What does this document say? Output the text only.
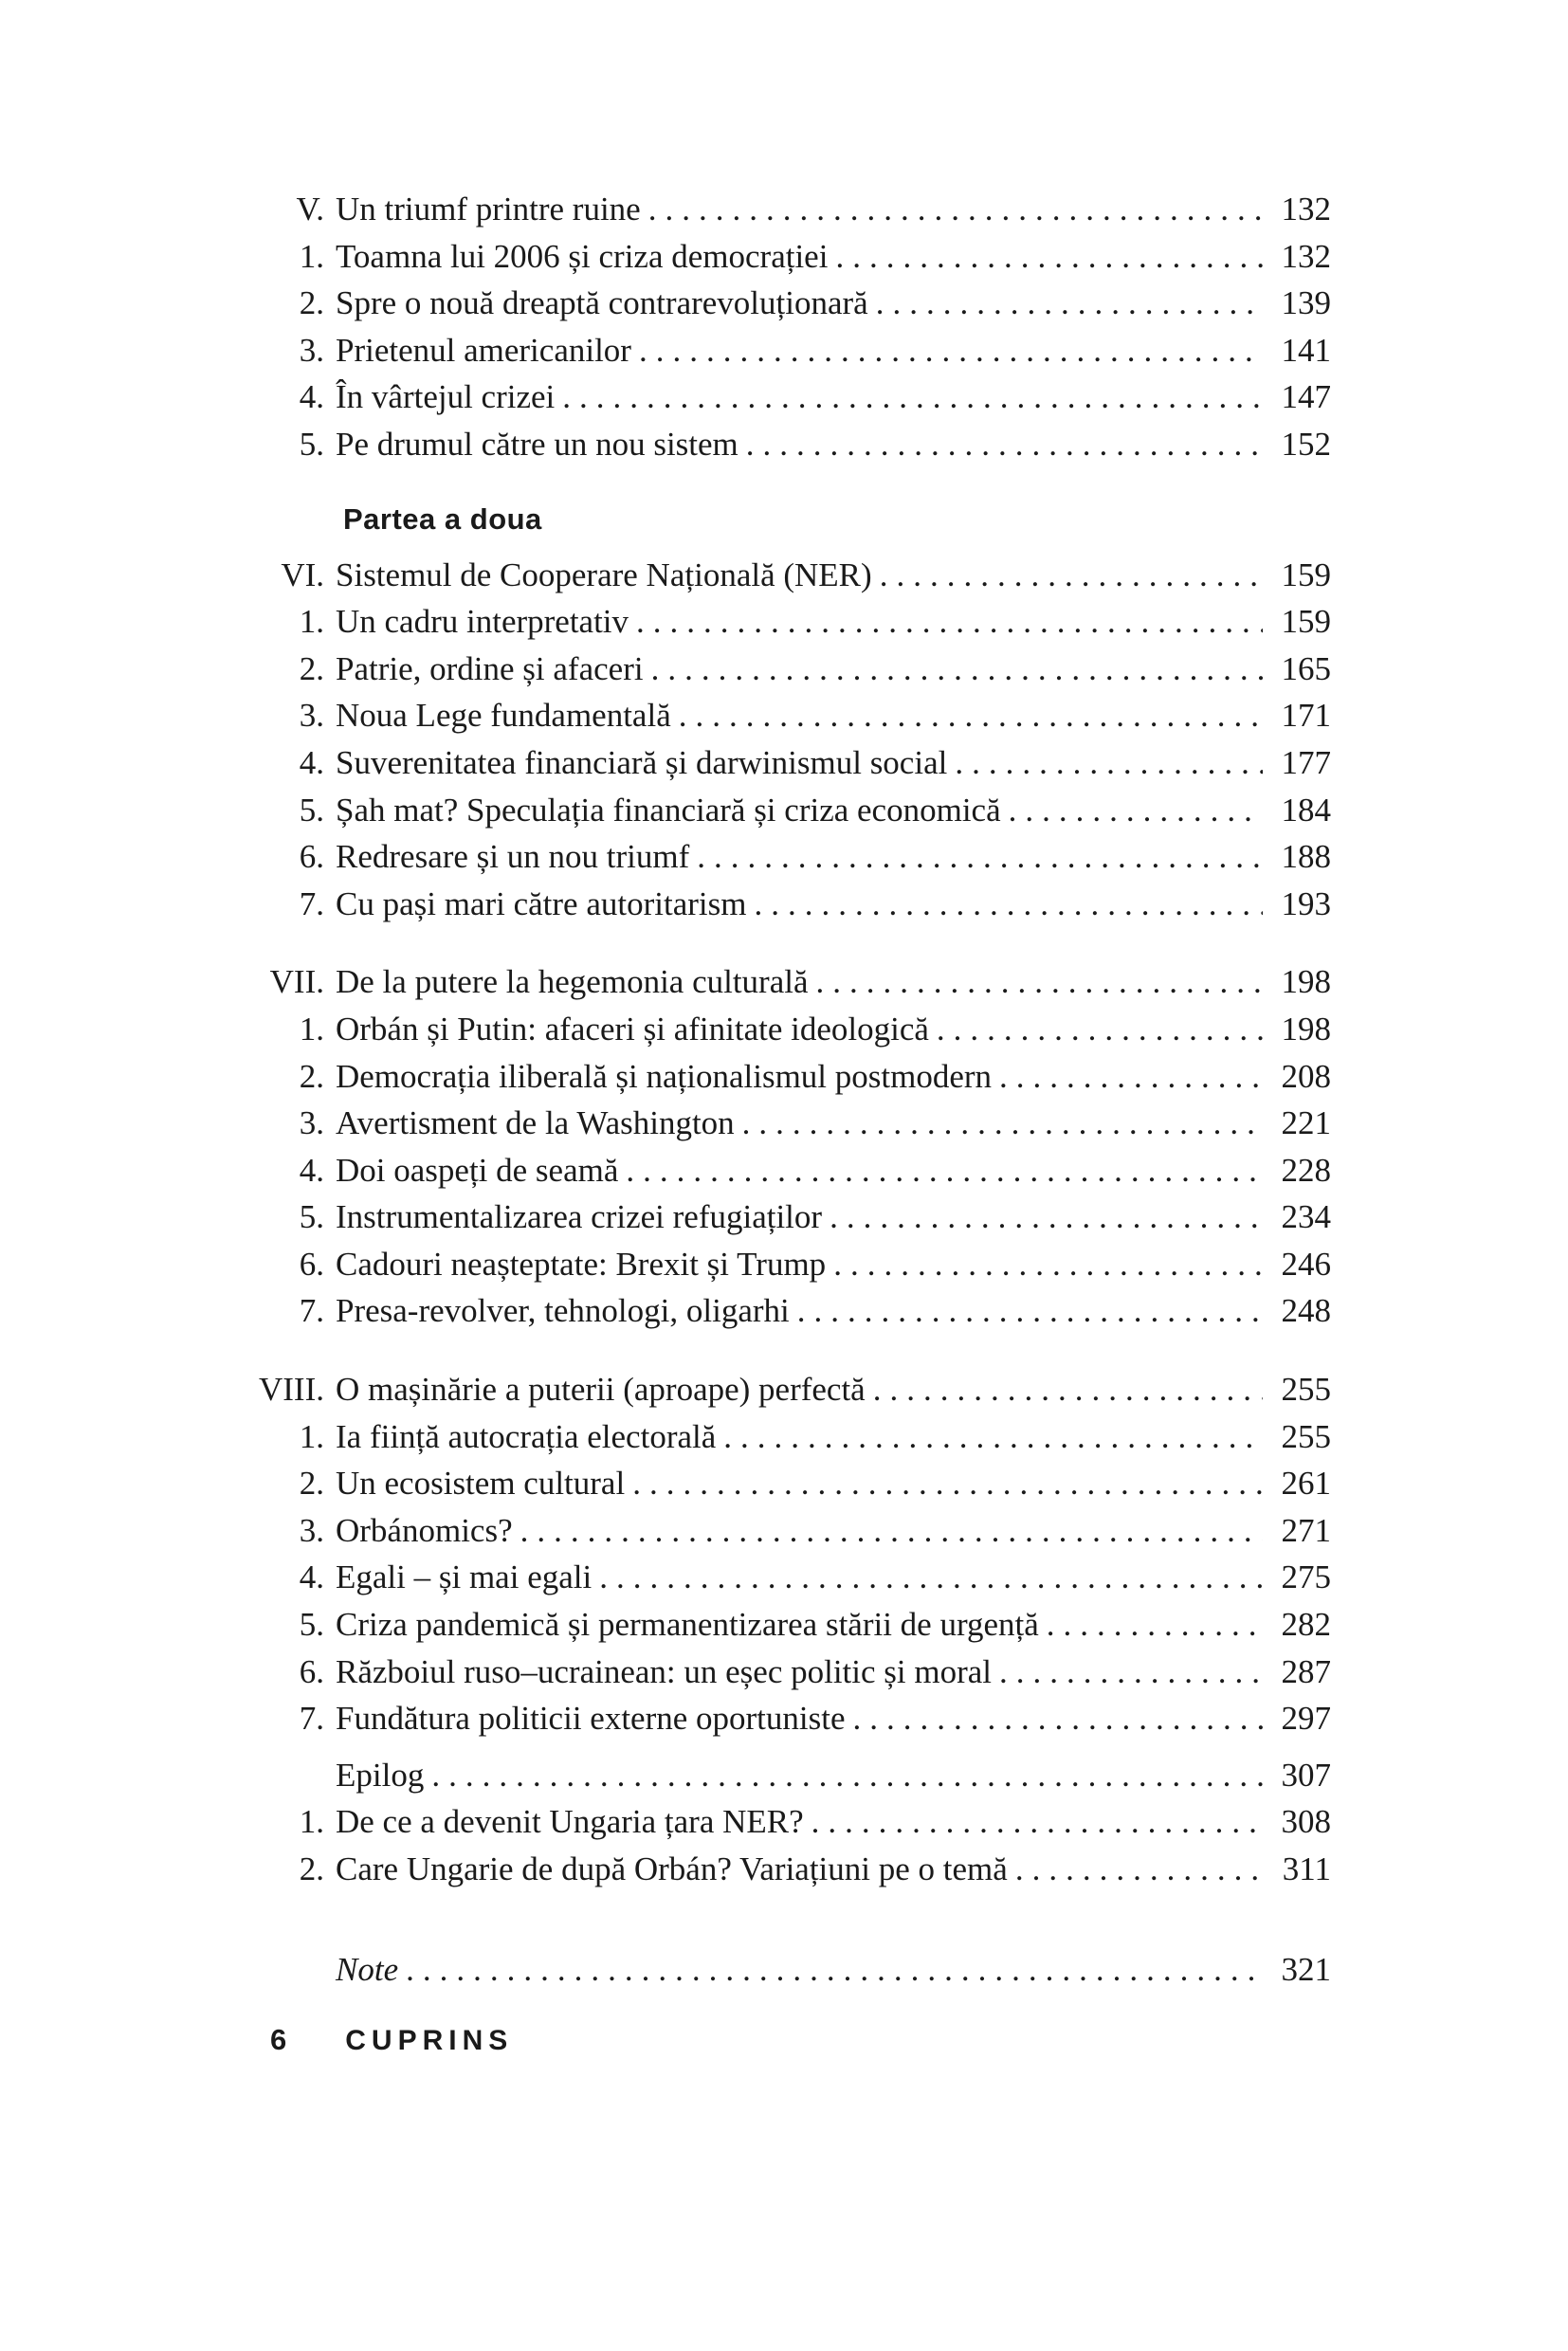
V. Un triumf printre ruine .....	132
1. Toamna lui 2006 și criza democrației .....	132
2. Spre o nouă dreaptă contrarevoluționară .....	139
3. Prietenul americanilor .....	141
4. În vârtejul crizei .....	147
5. Pe drumul către un nou sistem .....	152
Partea a doua
VI. Sistemul de Cooperare Națională (NER) .....	159
1. Un cadru interpretativ .....	159
2. Patrie, ordine și afaceri .....	165
3. Noua Lege fundamentală .....	171
4. Suverenitatea financiară și darwinismul social .....	177
5. Șah mat? Speculația financiară și criza economică .....	184
6. Redresare și un nou triumf .....	188
7. Cu pași mari către autoritarism .....	193
VII. De la putere la hegemonia culturală .....	198
1. Orbán și Putin: afaceri și afinitate ideologică .....	198
2. Democrația iliberală și naționalismul postmodern .....	208
3. Avertisment de la Washington .....	221
4. Doi oaspeți de seamă .....	228
5. Instrumentalizarea crizei refugiaților .....	234
6. Cadouri neașteptate: Brexit și Trump .....	246
7. Presa-revolver, tehnologi, oligarhi .....	248
VIII. O mașinărie a puterii (aproape) perfectă .....	255
1. Ia ființă autocrația electorală .....	255
2. Un ecosistem cultural .....	261
3. Orbánomics? .....	271
4. Egali – și mai egali .....	275
5. Criza pandemică și permanentizarea stării de urgență .....	282
6. Războiul ruso–ucrainean: un eșec politic și moral .....	287
7. Fundătura politicii externe oportuniste .....	297
Epilog .....	307
1. De ce a devenit Ungaria țara NER? .....	308
2. Care Ungarie de după Orbán? Variațiuni pe o temă .....	311
Note .....	321
6 CUPRINS
